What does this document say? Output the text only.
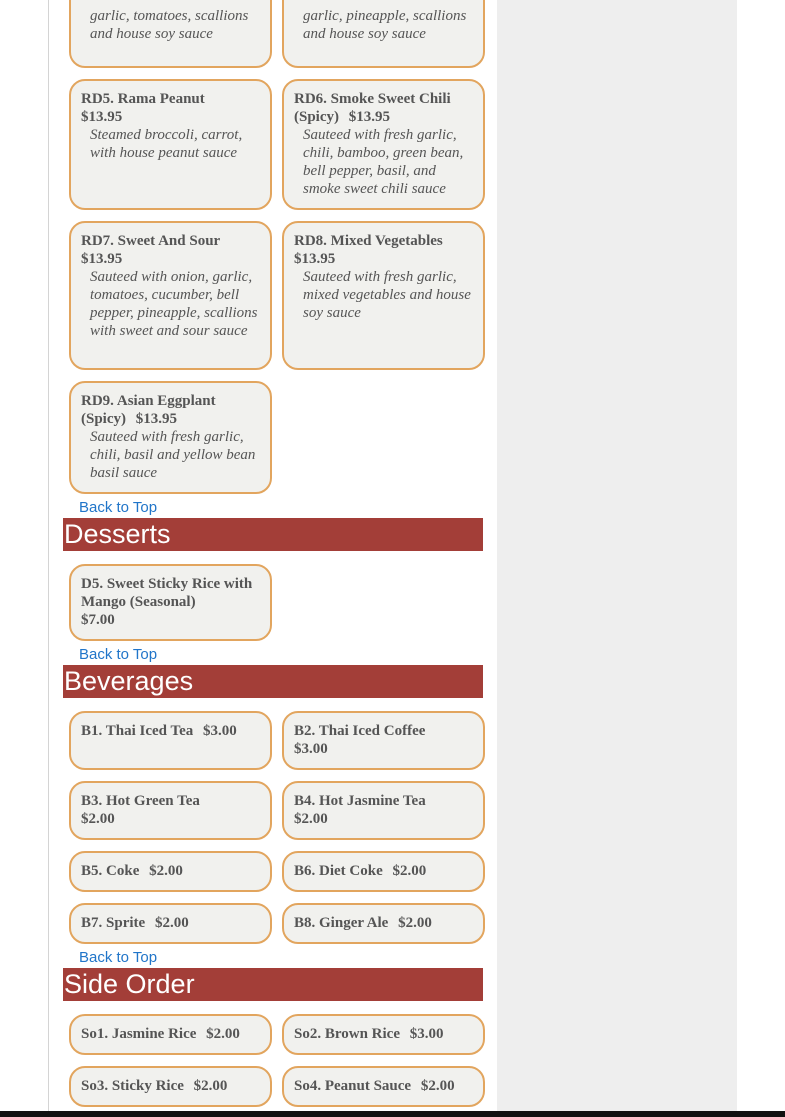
garlic, tomatoes, scallions and house soy sauce
garlic, pineapple, scallions and house soy sauce
RD5. Rama Peanut
$13.95
Steamed broccoli, carrot, with house peanut sauce
RD6. Smoke Sweet Chili (Spicy) $13.95
Sauteed with fresh garlic, chili, bamboo, green bean, bell pepper, basil, and smoke sweet chili sauce
RD7. Sweet And Sour
$13.95
Sauteed with onion, garlic, tomatoes, cucumber, bell pepper, pineapple, scallions with sweet and sour sauce
RD8. Mixed Vegetables
$13.95
Sauteed with fresh garlic, mixed vegetables and house soy sauce
RD9. Asian Eggplant (Spicy) $13.95
Sauteed with fresh garlic, chili, basil and yellow bean basil sauce
Back to Top
Desserts
D5. Sweet Sticky Rice with Mango (Seasonal)
$7.00
Back to Top
Beverages
B1. Thai Iced Tea $3.00	B2. Thai Iced Coffee
$3.00
B3. Hot Green Tea
$2.00
B4. Hot Jasmine Tea
$2.00
B5. Coke $2.00	B6. Diet Coke $2.00
B7. Sprite $2.00	B8. Ginger Ale $2.00
Back to Top
Side Order
So1. Jasmine Rice $2.00	So2. Brown Rice $3.00
So3. Sticky Rice $2.00	So4. Peanut Sauce $2.00
